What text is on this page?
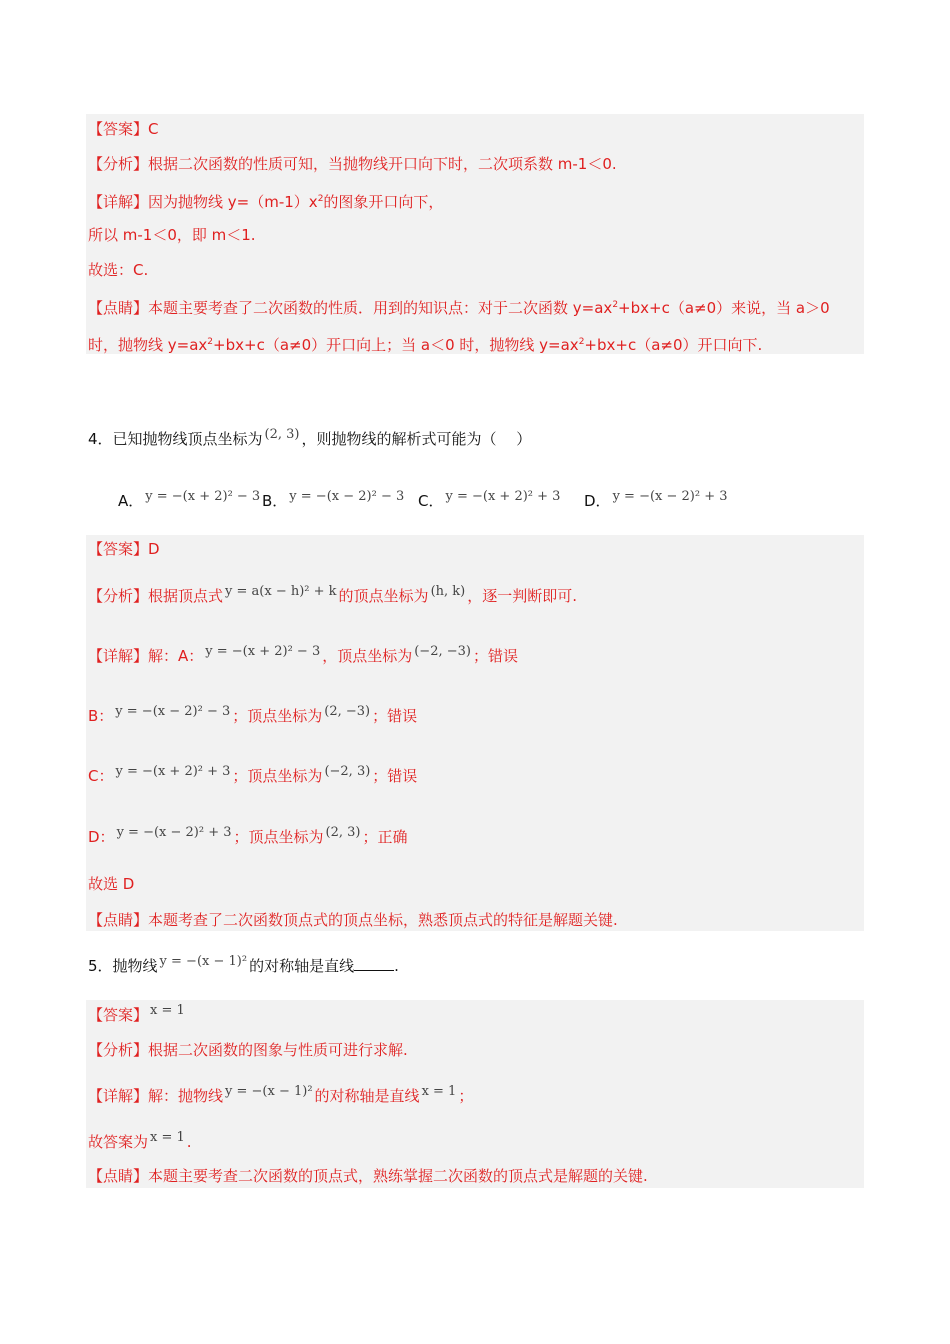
【答案】C
【分析】根据二次函数的性质可知，当抛物线开口向下时，二次项系数 m-1＜0.
【详解】因为抛物线 $y=(m-1)x^2$的图象开口向下，
所以 m-1＜0，即 m＜1.
故选：C.
【点睛】本题主要考查了二次函数的性质．用到的知识点：对于二次函数 $y=ax^2+bx+c(a\ne 0)$来说，当 a＞0
时，抛物线 $y=ax^2+bx+c(a\ne 0)$开口向上；当 a＜0 时，抛物线 $y=ax^2+bx+c(a\ne 0)$开口向下.
4．已知抛物线顶点坐标为 (2, 3) ，则抛物线的解析式可能为（　 ）
A． y = −(x + 2)² − 3 B． y = −(x − 2)² − 3 C． y = −(x + 2)² + 3 D． y = −(x − 2)² + 3
【答案】D
【分析】根据顶点式 y = a(x − h)² + k 的顶点坐标为 (h, k) ，逐一判断即可.
【详解】解：A： y = −(x + 2)² − 3 ，顶点坐标为 (−2, −3) ；错误
B： y = −(x − 2)² − 3 ；顶点坐标为 (2, −3) ；错误
C： y = −(x + 2)² + 3 ；顶点坐标为 (−2, 3) ；错误
D： y = −(x − 2)² + 3 ；顶点坐标为 (2, 3) ；正确
故选 D
【点睛】本题考查了二次函数顶点式的顶点坐标，熟悉顶点式的特征是解题关键.
5．抛物线 y = −(x − 1)² 的对称轴是直线	.
【答案】 x = 1
【分析】根据二次函数的图象与性质可进行求解.
【详解】解：抛物线 y = −(x − 1)² 的对称轴是直线 x = 1 ；
故答案为 x = 1 .
【点睛】本题主要考查二次函数的顶点式，熟练掌握二次函数的顶点式是解题的关键.
